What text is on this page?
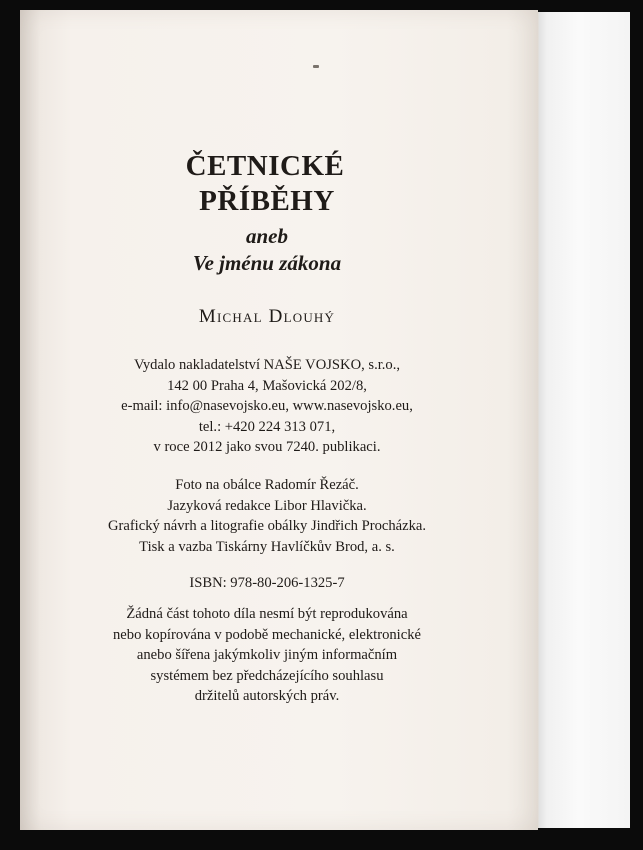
ČETNICKÉ
PŘÍBĚHY
aneb
Ve jménu zákona
Michal Dlouhý
Vydalo nakladatelství NAŠE VOJSKO, s.r.o.,
142 00 Praha 4, Mašovická 202/8,
e-mail: info@nasevojsko.eu, www.nasevojsko.eu,
tel.: +420 224 313 071,
v roce 2012 jako svou 7240. publikaci.
Foto na obálce Radomír Řezáč.
Jazyková redakce Libor Hlavička.
Grafický návrh a litografie obálky Jindřich Procházka.
Tisk a vazba Tiskárny Havlíčkův Brod, a. s.
ISBN: 978-80-206-1325-7
Žádná část tohoto díla nesmí být reprodukována
nebo kopírována v podobě mechanické, elektronické
anebo šířena jakýmkoliv jiným informačním
systémem bez předcházejícího souhlasu
držitelů autorských práv.
